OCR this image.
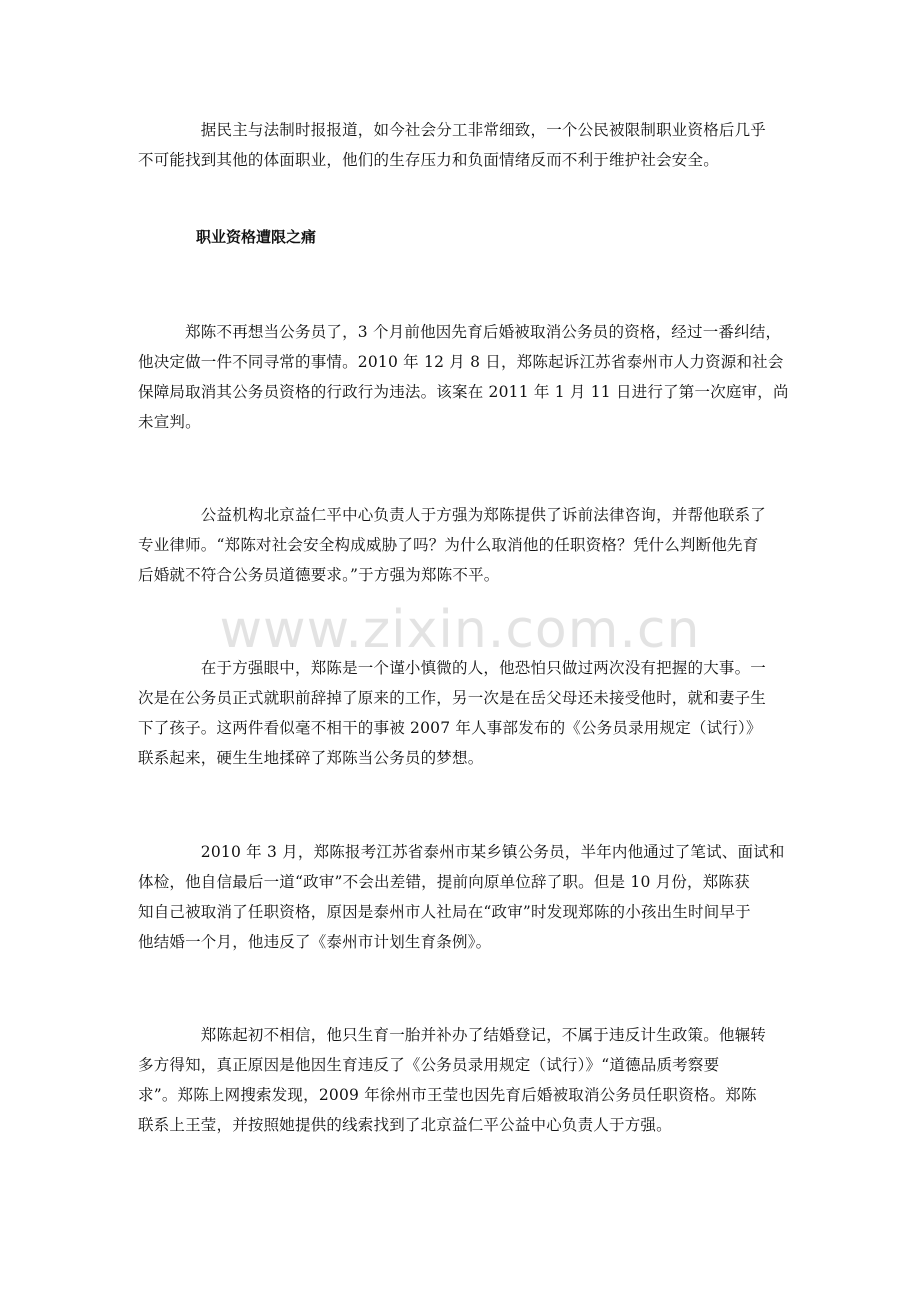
　　　　据民主与法制时报报道，如今社会分工非常细致，一个公民被限制职业资格后几乎
不可能找到其他的体面职业，他们的生存压力和负面情绪反而不利于维护社会安全。

职业资格遭限之痛

　　　郑陈不再想当公务员了，3 个月前他因先育后婚被取消公务员的资格，经过一番纠结，
他决定做一件不同寻常的事情。2010 年 12 月 8 日，郑陈起诉江苏省泰州市人力资源和社会
保障局取消其公务员资格的行政行为违法。该案在 2011 年 1 月 11 日进行了第一次庭审，尚
未宣判。

　　　　公益机构北京益仁平中心负责人于方强为郑陈提供了诉前法律咨询，并帮他联系了
专业律师。“郑陈对社会安全构成威胁了吗？为什么取消他的任职资格？凭什么判断他先育
后婚就不符合公务员道德要求。”于方强为郑陈不平。

　　　　在于方强眼中，郑陈是一个谨小慎微的人，他恐怕只做过两次没有把握的大事。一
次是在公务员正式就职前辞掉了原来的工作，另一次是在岳父母还未接受他时，就和妻子生
下了孩子。这两件看似毫不相干的事被 2007 年人事部发布的《公务员录用规定（试行）》
联系起来，硬生生地揉碎了郑陈当公务员的梦想。

　　　　2010 年 3 月，郑陈报考江苏省泰州市某乡镇公务员，半年内他通过了笔试、面试和
体检，他自信最后一道“政审”不会出差错，提前向原单位辞了职。但是 10 月份，郑陈获
知自己被取消了任职资格，原因是泰州市人社局在“政审”时发现郑陈的小孩出生时间早于
他结婚一个月，他违反了《泰州市计划生育条例》。

　　　　郑陈起初不相信，他只生育一胎并补办了结婚登记，不属于违反计生政策。他辗转
多方得知，真正原因是他因生育违反了《公务员录用规定（试行）》“道德品质考察要
求”。郑陈上网搜索发现，2009 年徐州市王莹也因先育后婚被取消公务员任职资格。郑陈
联系上王莹，并按照她提供的线索找到了北京益仁平公益中心负责人于方强。

www.zixin.com.cn
